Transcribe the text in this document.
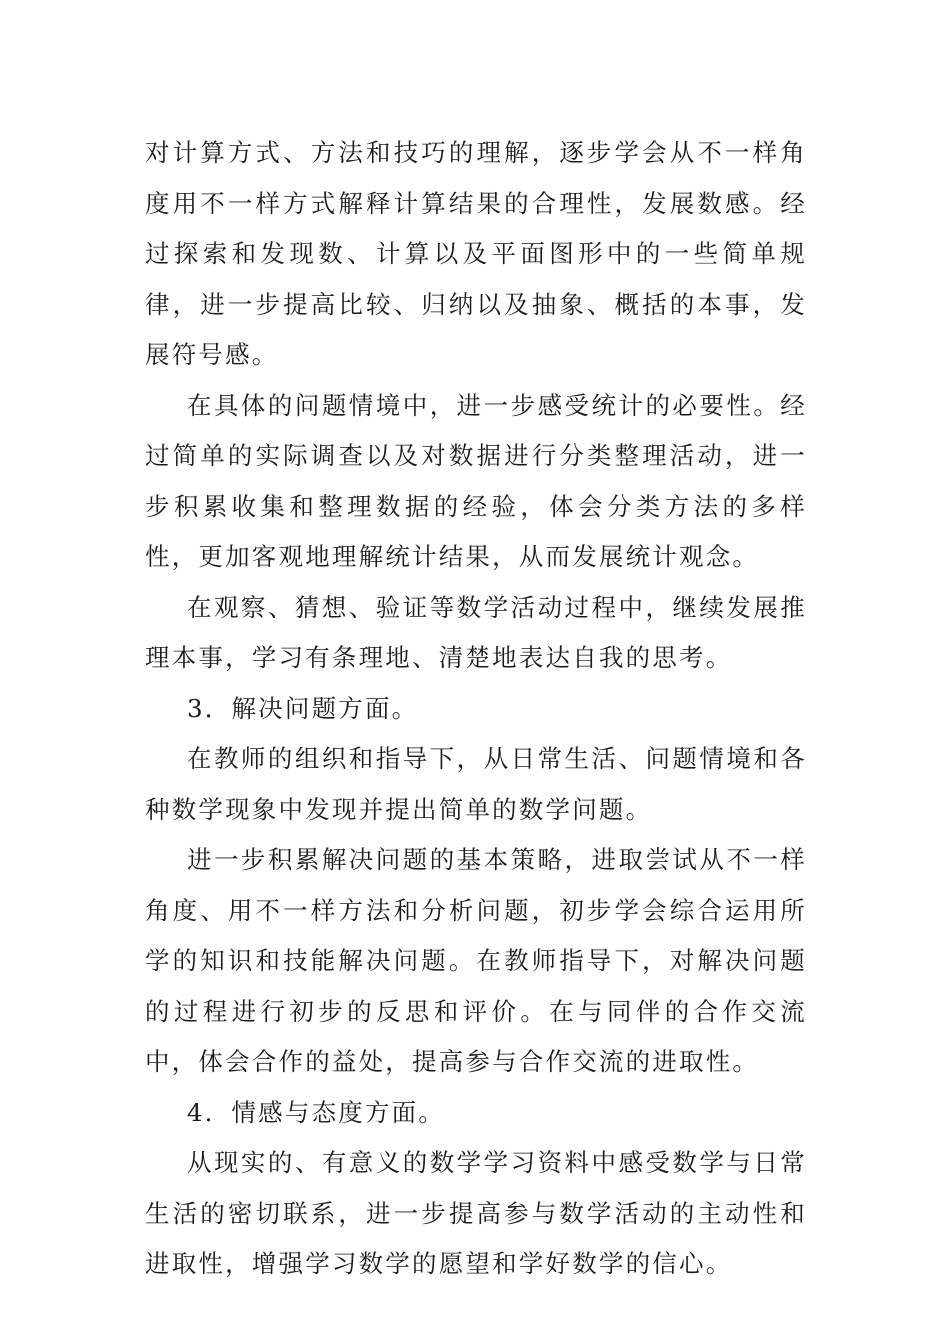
对计算方式、方法和技巧的理解，逐步学会从不一样角度用不一样方式解释计算结果的合理性，发展数感。经过探索和发现数、计算以及平面图形中的一些简单规律，进一步提高比较、归纳以及抽象、概括的本事，发展符号感。

在具体的问题情境中，进一步感受统计的必要性。经过简单的实际调查以及对数据进行分类整理活动，进一步积累收集和整理数据的经验，体会分类方法的多样性，更加客观地理解统计结果，从而发展统计观念。

在观察、猜想、验证等数学活动过程中，继续发展推理本事，学习有条理地、清楚地表达自我的思考。

3．解决问题方面。

在教师的组织和指导下，从日常生活、问题情境和各种数学现象中发现并提出简单的数学问题。

进一步积累解决问题的基本策略，进取尝试从不一样角度、用不一样方法和分析问题，初步学会综合运用所学的知识和技能解决问题。在教师指导下，对解决问题的过程进行初步的反思和评价。在与同伴的合作交流中，体会合作的益处，提高参与合作交流的进取性。

4．情感与态度方面。

从现实的、有意义的数学学习资料中感受数学与日常生活的密切联系，进一步提高参与数学活动的主动性和进取性，增强学习数学的愿望和学好数学的信心。
